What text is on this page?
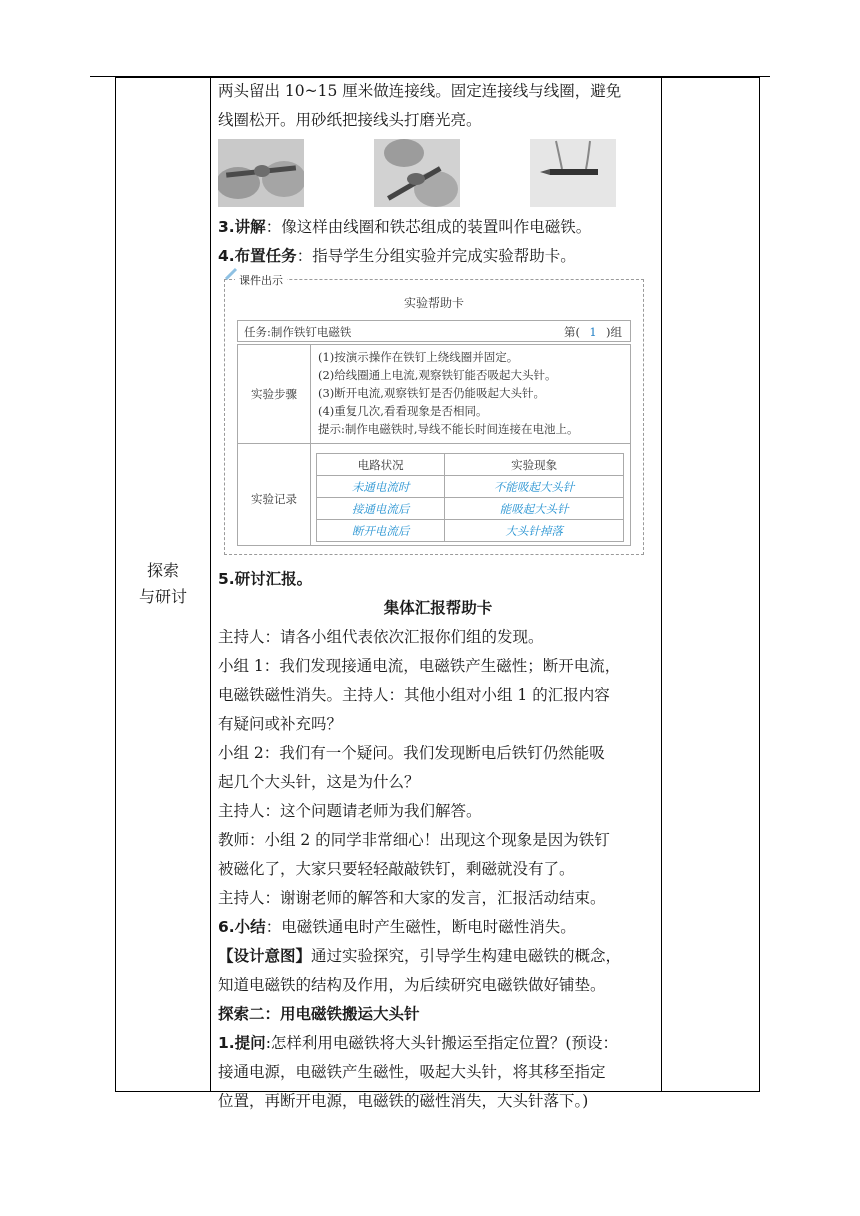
探索
与研讨

两头留出 10~15 厘米做连接线。固定连接线与线圈，避免

线圈松开。用砂纸把接线头打磨光亮。

3.讲解：像这样由线圈和铁芯组成的装置叫作电磁铁。

4.布置任务：指导学生分组实验并完成实验帮助卡。

课件出示
实验帮助卡
任务:制作铁钉电磁铁	第( 1 )组
实验步骤
(1)按演示操作在铁钉上绕线圈并固定。
(2)给线圈通上电流,观察铁钉能否吸起大头针。
(3)断开电流,观察铁钉是否仍能吸起大头针。
(4)重复几次,看看现象是否相同。
提示:制作电磁铁时,导线不能长时间连接在电池上。
实验记录
电路状况	实验现象
未通电流时	不能吸起大头针
接通电流后	能吸起大头针
断开电流后	大头针掉落

5.研讨汇报。

集体汇报帮助卡

主持人：请各小组代表依次汇报你们组的发现。

小组 1：我们发现接通电流，电磁铁产生磁性；断开电流，

电磁铁磁性消失。主持人：其他小组对小组 1 的汇报内容

有疑问或补充吗？

小组 2：我们有一个疑问。我们发现断电后铁钉仍然能吸

起几个大头针，这是为什么？

主持人：这个问题请老师为我们解答。

教师：小组 2 的同学非常细心！出现这个现象是因为铁钉

被磁化了，大家只要轻轻敲敲铁钉，剩磁就没有了。

主持人：谢谢老师的解答和大家的发言，汇报活动结束。

6.小结：电磁铁通电时产生磁性，断电时磁性消失。

【设计意图】通过实验探究，引导学生构建电磁铁的概念，

知道电磁铁的结构及作用，为后续研究电磁铁做好铺垫。

探索二：用电磁铁搬运大头针

1.提问:怎样利用电磁铁将大头针搬运至指定位置？(预设：

接通电源，电磁铁产生磁性，吸起大头针，将其移至指定

位置，再断开电源，电磁铁的磁性消失，大头针落下。)
